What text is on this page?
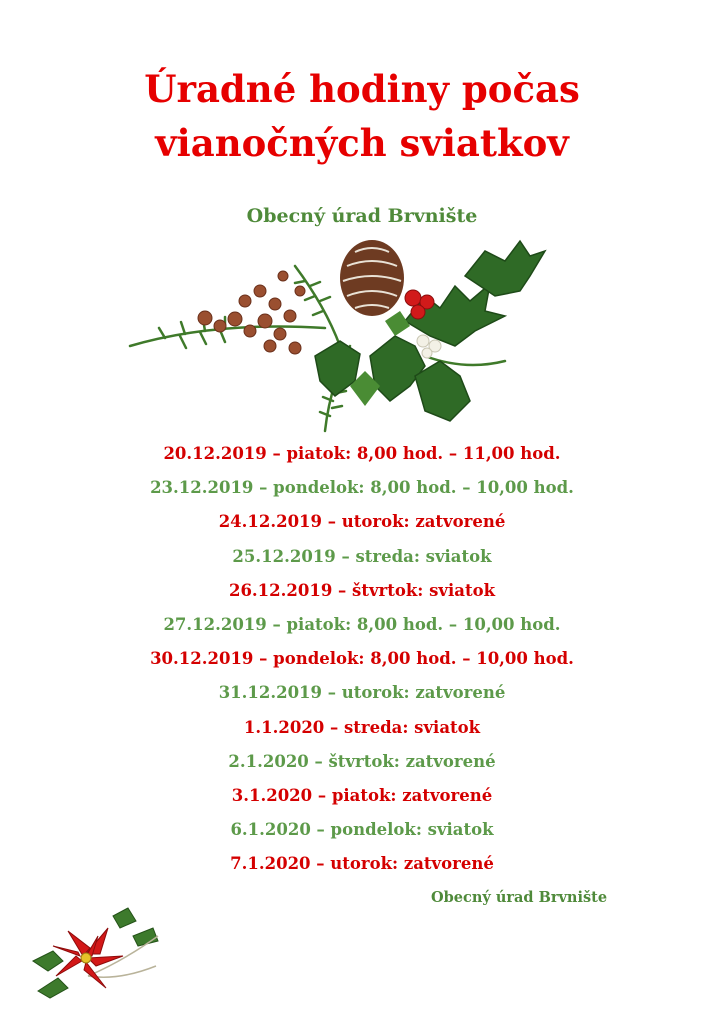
Úradné hodiny počas
vianočných sviatkov

Obecný úrad Brvnište

20.12.2019 – piatok: 8,00 hod. – 11,00 hod.
23.12.2019 – pondelok: 8,00 hod. – 10,00 hod.
24.12.2019 – utorok: zatvorené
25.12.2019 – streda: sviatok
26.12.2019 – štvrtok: sviatok
27.12.2019 – piatok: 8,00 hod. – 10,00 hod.
30.12.2019 – pondelok: 8,00 hod. – 10,00 hod.
31.12.2019 – utorok: zatvorené
1.1.2020 – streda: sviatok
2.1.2020 – štvrtok: zatvorené
3.1.2020 – piatok: zatvorené
6.1.2020 – pondelok: sviatok
7.1.2020 – utorok: zatvorené
Obecný úrad Brvnište
